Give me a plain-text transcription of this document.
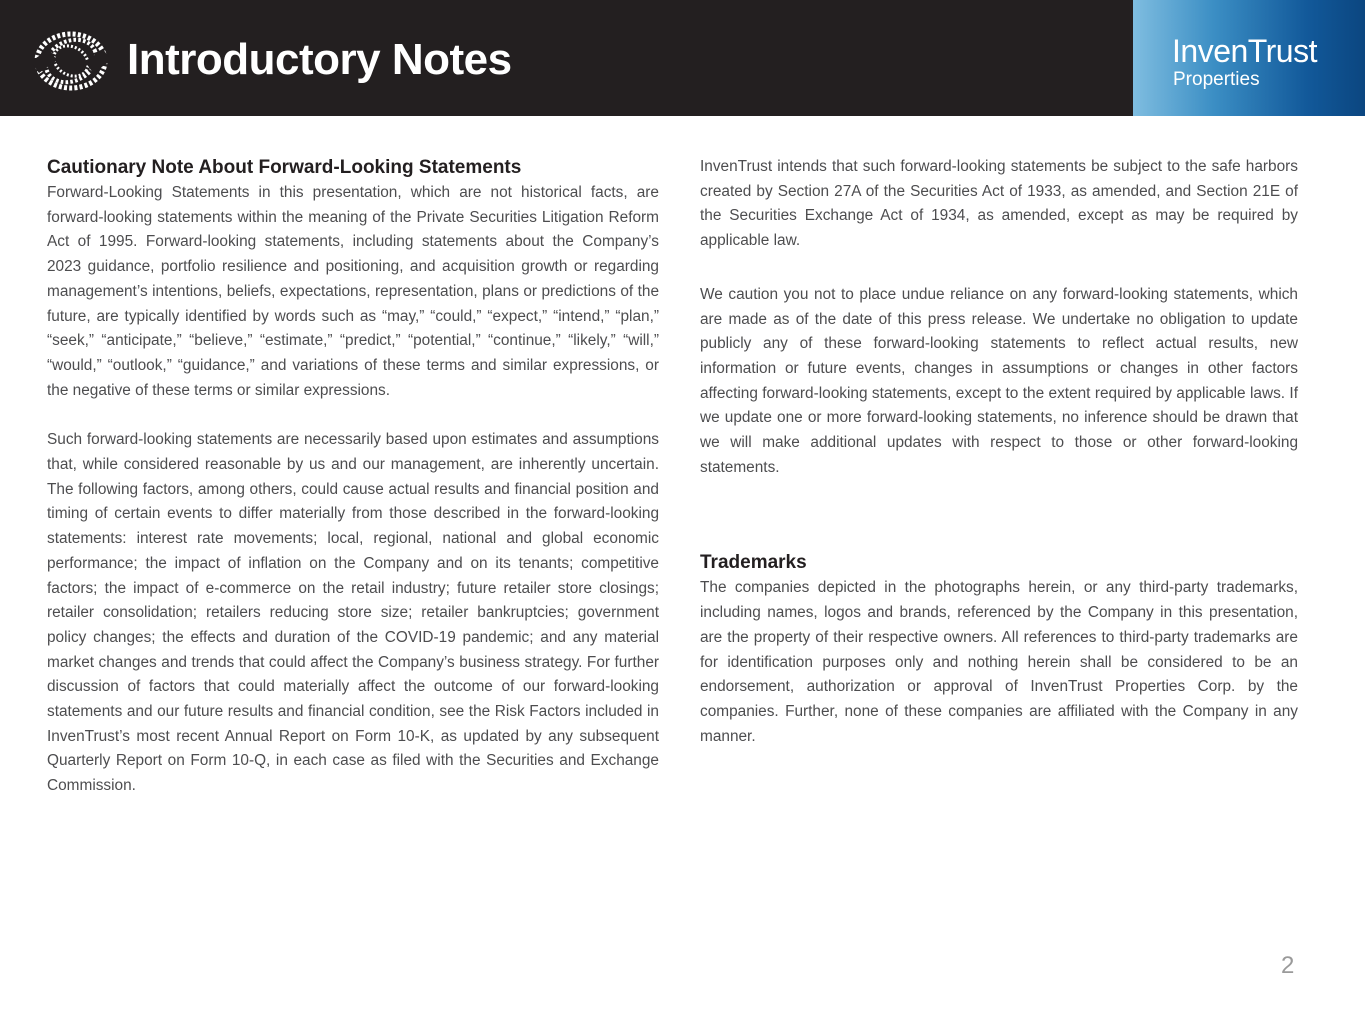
Introductory Notes	InvenTrust
Properties
Cautionary Note About Forward-Looking Statements

Forward-Looking Statements in this presentation, which are not historical facts, are forward-looking statements within the meaning of the Private Securities Litigation Reform Act of 1995. Forward-looking statements, including statements about the Company’s 2023 guidance, portfolio resilience and positioning, and acquisition growth or regarding management’s intentions, beliefs, expectations, representation, plans or predictions of the future, are typically identified by words such as “may,” “could,” “expect,” “intend,” “plan,” “seek,” “anticipate,” “believe,” “estimate,” “predict,” “potential,” “continue,” “likely,” “will,” “would,” “outlook,” “guidance,” and variations of these terms and similar expressions, or the negative of these terms or similar expressions.

Such forward-looking statements are necessarily based upon estimates and assumptions that, while considered reasonable by us and our management, are inherently uncertain. The following factors, among others, could cause actual results and financial position and timing of certain events to differ materially from those described in the forward-looking statements: interest rate movements; local, regional, national and global economic performance; the impact of inflation on the Company and on its tenants; competitive factors; the impact of e-commerce on the retail industry; future retailer store closings; retailer consolidation; retailers reducing store size; retailer bankruptcies; government policy changes; the effects and duration of the COVID-19 pandemic; and any material market changes and trends that could affect the Company’s business strategy. For further discussion of factors that could materially affect the outcome of our forward-looking statements and our future results and financial condition, see the Risk Factors included in InvenTrust’s most recent Annual Report on Form 10-K, as updated by any subsequent Quarterly Report on Form 10-Q, in each case as filed with the Securities and Exchange Commission.

InvenTrust intends that such forward-looking statements be subject to the safe harbors created by Section 27A of the Securities Act of 1933, as amended, and Section 21E of the Securities Exchange Act of 1934, as amended, except as may be required by applicable law.

We caution you not to place undue reliance on any forward-looking statements, which are made as of the date of this press release. We undertake no obligation to update publicly any of these forward-looking statements to reflect actual results, new information or future events, changes in assumptions or changes in other factors affecting forward-looking statements, except to the extent required by applicable laws. If we update one or more forward-looking statements, no inference should be drawn that we will make additional updates with respect to those or other forward-looking statements.

Trademarks

The companies depicted in the photographs herein, or any third-party trademarks, including names, logos and brands, referenced by the Company in this presentation, are the property of their respective owners. All references to third-party trademarks are for identification purposes only and nothing herein shall be considered to be an endorsement, authorization or approval of InvenTrust Properties Corp. by the companies. Further, none of these companies are affiliated with the Company in any manner.

2
